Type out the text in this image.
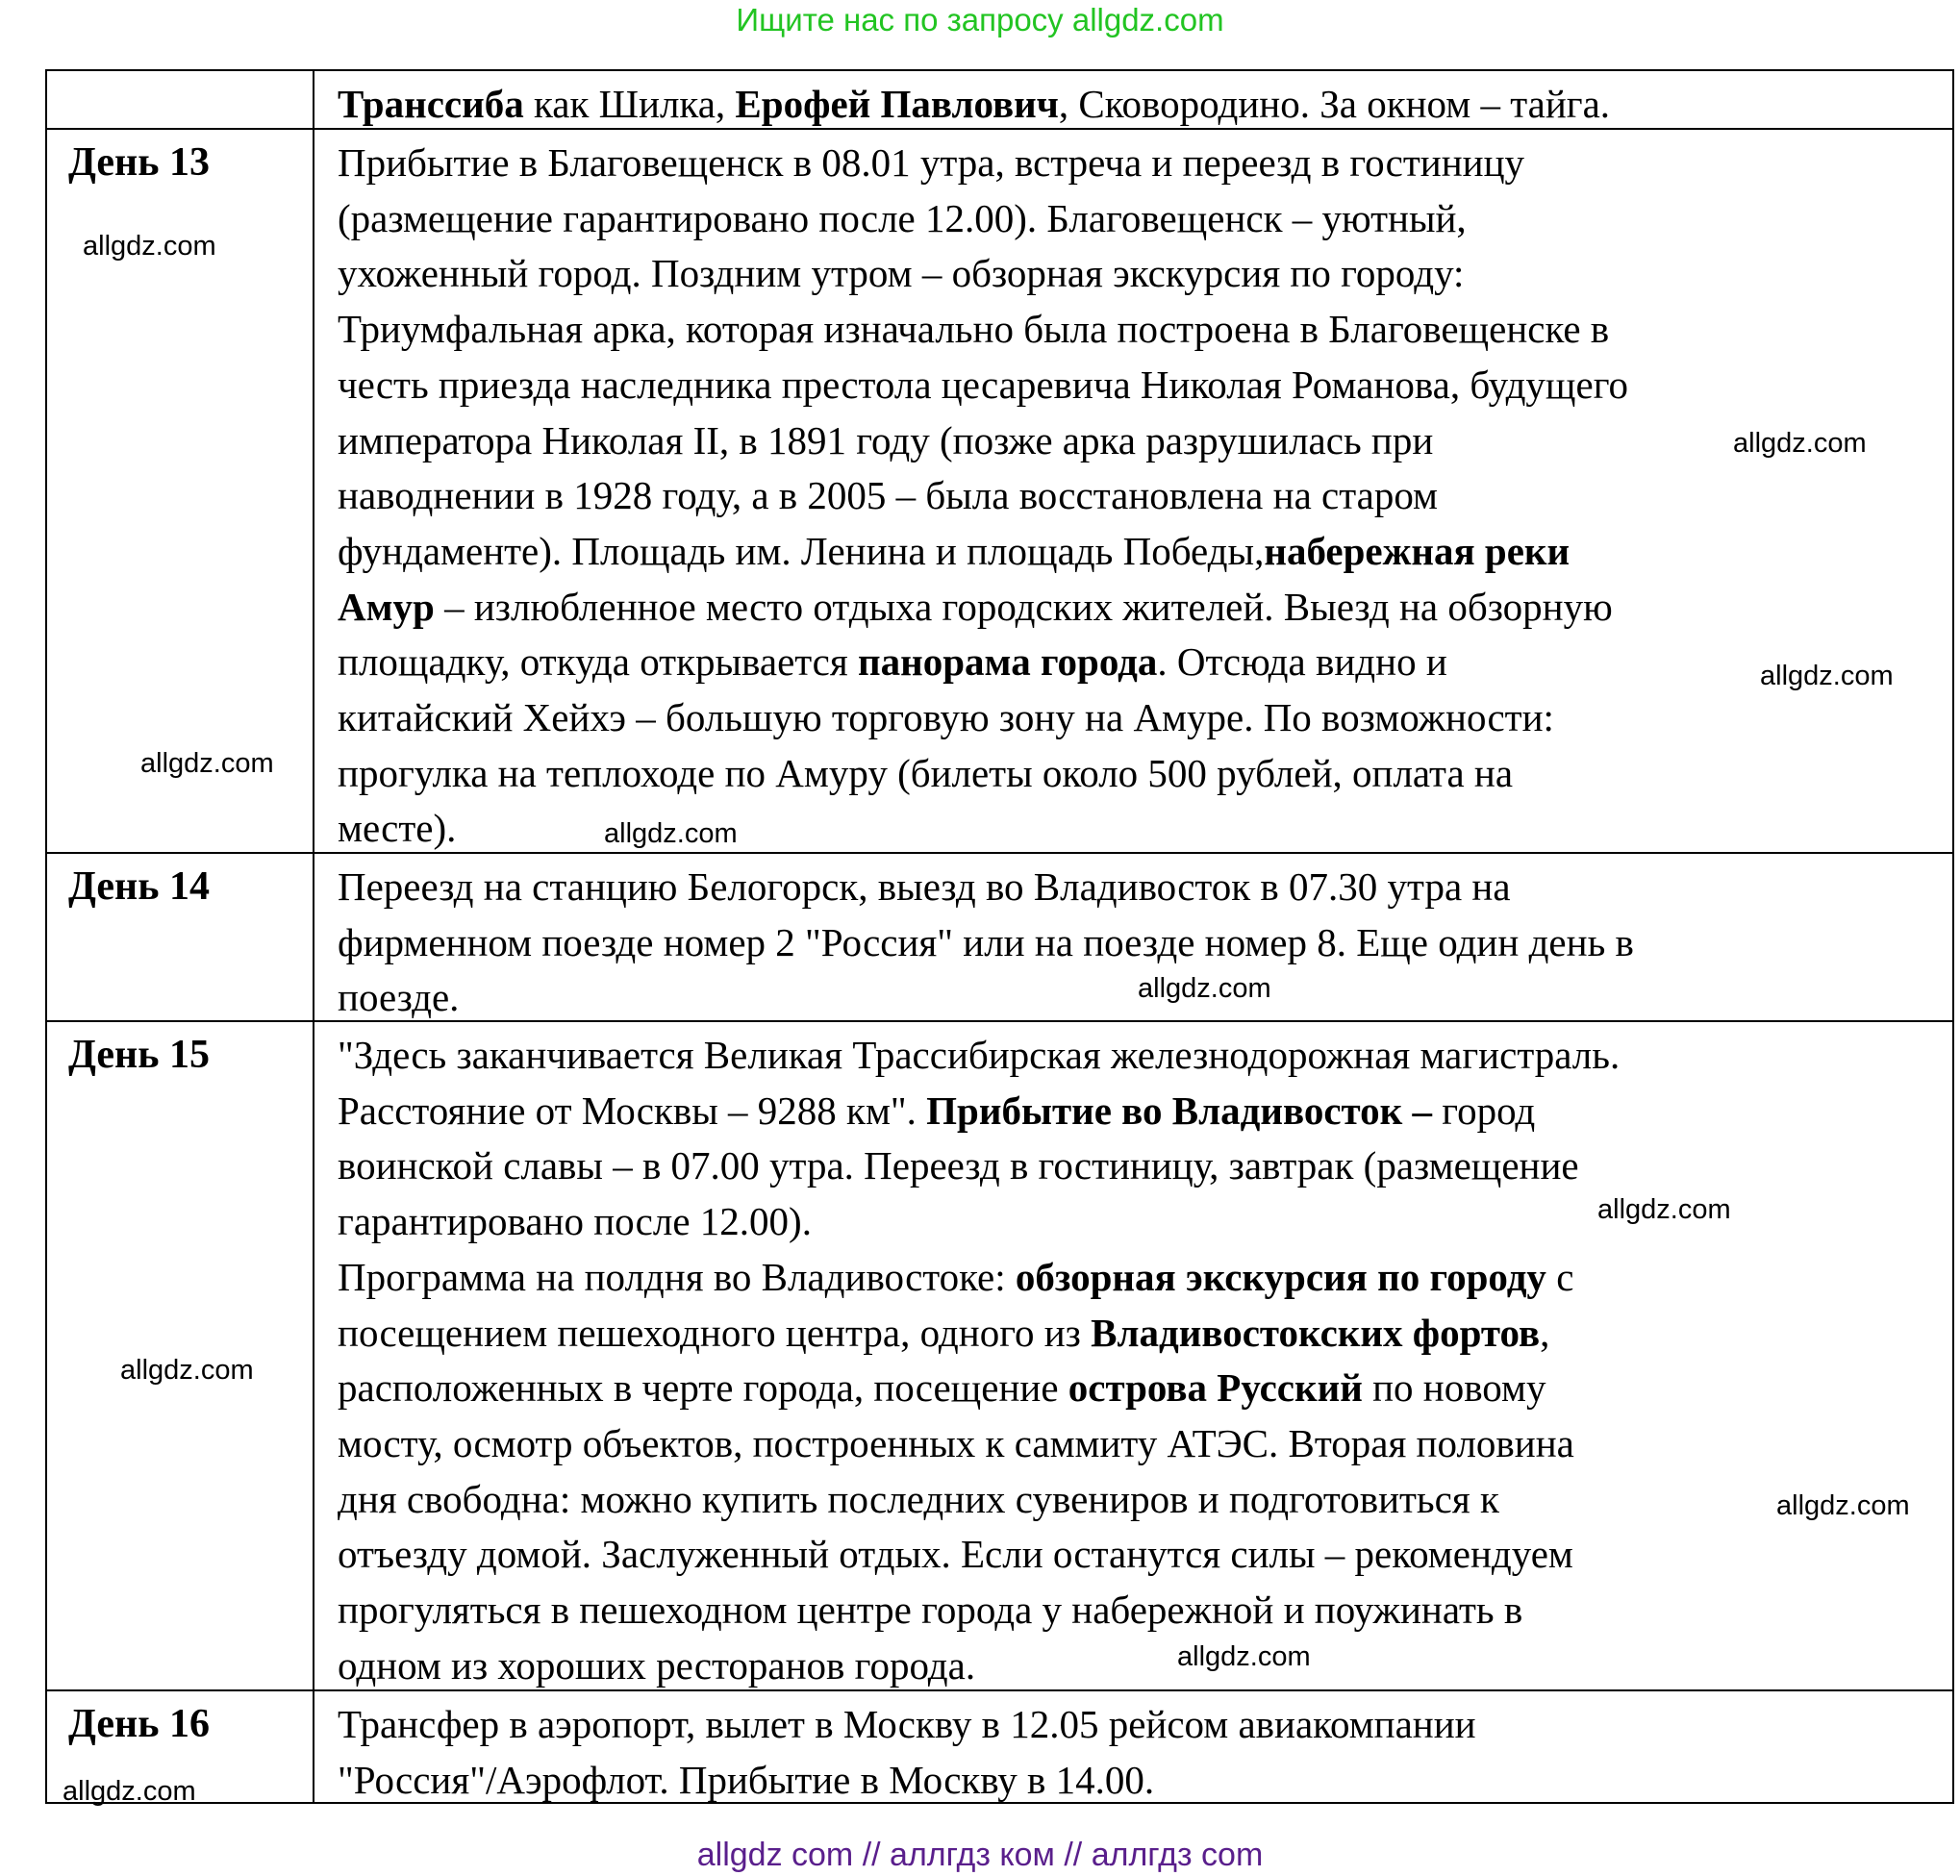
Ищите нас по запросу allgdz.com
Транссиба как Шилка, Ерофей Павлович, Сковородино. За окном – тайга.
День 13	Прибытие в Благовещенск в 08.01 утра, встреча и переезд в гостиницу
(размещение гарантировано после 12.00). Благовещенск – уютный,
ухоженный город. Поздним утром – обзорная экскурсия по городу:
Триумфальная арка, которая изначально была построена в Благовещенске в
честь приезда наследника престола цесаревича Николая Романова, будущего
императора Николая II, в 1891 году (позже арка разрушилась при
наводнении в 1928 году, а в 2005 – была восстановлена на старом
фундаменте). Площадь им. Ленина и площадь Победы,набережная реки
Амур – излюбленное место отдыха городских жителей. Выезд на обзорную
площадку, откуда открывается панорама города. Отсюда видно и
китайский Хейхэ – большую торговую зону на Амуре. По возможности:
прогулка на теплоходе по Амуру (билеты около 500 рублей, оплата на
месте).
День 14	Переезд на станцию Белогорск, выезд во Владивосток в 07.30 утра на
фирменном поезде номер 2 "Россия" или на поезде номер 8. Еще один день в
поезде.
День 15	"Здесь заканчивается Великая Трассибирская железнодорожная магистраль.
Расстояние от Москвы – 9288 км". Прибытие во Владивосток – город
воинской славы – в 07.00 утра. Переезд в гостиницу, завтрак (размещение
гарантировано после 12.00).
Программа на полдня во Владивостоке: обзорная экскурсия по городу с
посещением пешеходного центра, одного из Владивостокских фортов,
расположенных в черте города, посещение острова Русский по новому
мосту, осмотр объектов, построенных к саммиту АТЭС. Вторая половина
дня свободна: можно купить последних сувениров и подготовиться к
отъезду домой. Заслуженный отдых. Если останутся силы – рекомендуем
прогуляться в пешеходном центре города у набережной и поужинать в
одном из хороших ресторанов города.
День 16	Трансфер в аэропорт, вылет в Москву в 12.05 рейсом авиакомпании
"Россия"/Аэрофлот. Прибытие в Москву в 14.00.
allgdz.com
allgdz.com
allgdz.com
allgdz.com
allgdz.com
allgdz.com
allgdz.com
allgdz.com
allgdz.com
allgdz.com
allgdz.com
allgdz com // аллгдз ком // аллгдз com
